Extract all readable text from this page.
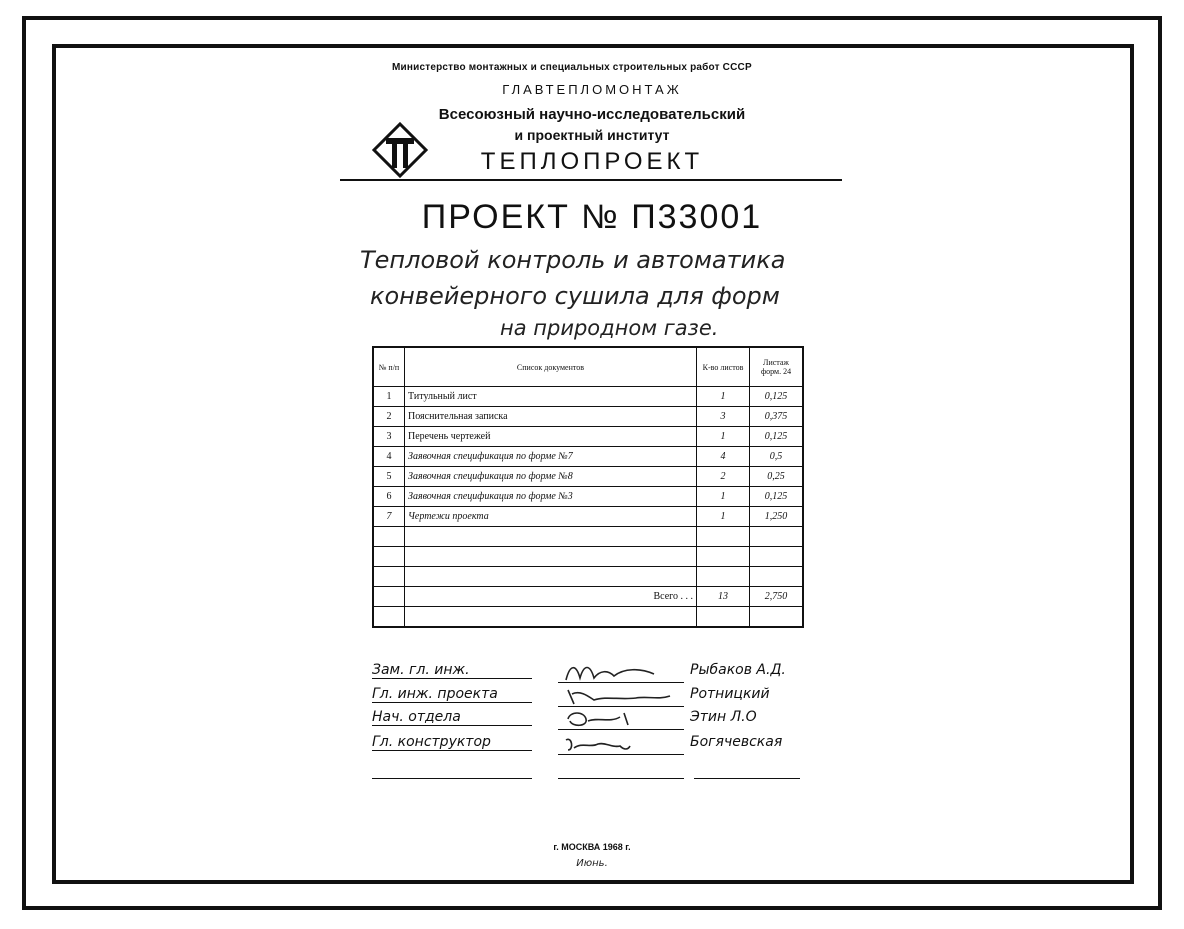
Министерство монтажных и специальных строительных работ СССР
ГЛАВТЕПЛОМОНТАЖ
Всесоюзный научно-исследовательский
и проектный институт
ТЕПЛОПРОЕКТ
ПРОЕКТ № П33001
Тепловой контроль и автоматика
конвейерного сушила для форм
на природном газе.
№ п/п	Список документов	К-во листов	Листаж форм. 24
1	Титульный лист	1	0,125
2	Пояснительная записка	3	0,375
3	Перечень чертежей	1	0,125
4	Заявочная спецификация по форме №7	4	0,5
5	Заявочная спецификация по форме №8	2	0,25
6	Заявочная спецификация по форме №3	1	0,125
7	Чертежи проекта	1	1,250

	Всего . . .	13	2,750

Зам. гл. инж.	Рыбаков А.Д.
Гл. инж. проекта	Ротницкий
Нач. отдела	Этин Л.О
Гл. конструктор	Богячевская
г. МОСКВА 1968 г.
Июнь.
